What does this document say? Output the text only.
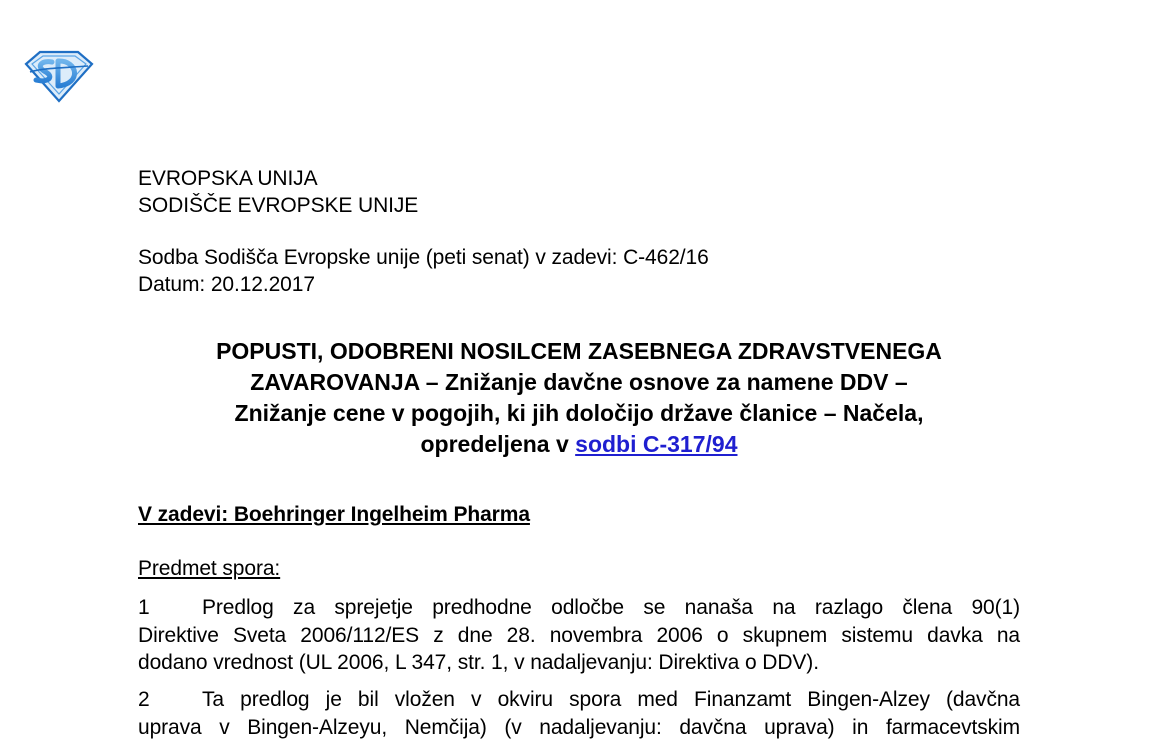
EVROPSKA UNIJA
SODIŠČE EVROPSKE UNIJE
Sodba Sodišča Evropske unije (peti senat) v zadevi: C-462/16
Datum: 20.12.2017
POPUSTI, ODOBRENI NOSILCEM ZASEBNEGA ZDRAVSTVENEGA
ZAVAROVANJA – Znižanje davčne osnove za namene DDV –
Znižanje cene v pogojih, ki jih določijo države članice – Načela,
opredeljena v sodbi C-317/94
V zadevi: Boehringer Ingelheim Pharma
Predmet spora:
1 Predlog za sprejetje predhodne odločbe se nanaša na razlago člena 90(1)
Direktive Sveta 2006/112/ES z dne 28. novembra 2006 o skupnem sistemu davka na
dodano vrednost (UL 2006, L 347, str. 1, v nadaljevanju: Direktiva o DDV).
2 Ta predlog je bil vložen v okviru spora med Finanzamt Bingen-Alzey (davčna
uprava v Bingen-Alzeyu, Nemčija) (v nadaljevanju: davčna uprava) in farmacevtskim
